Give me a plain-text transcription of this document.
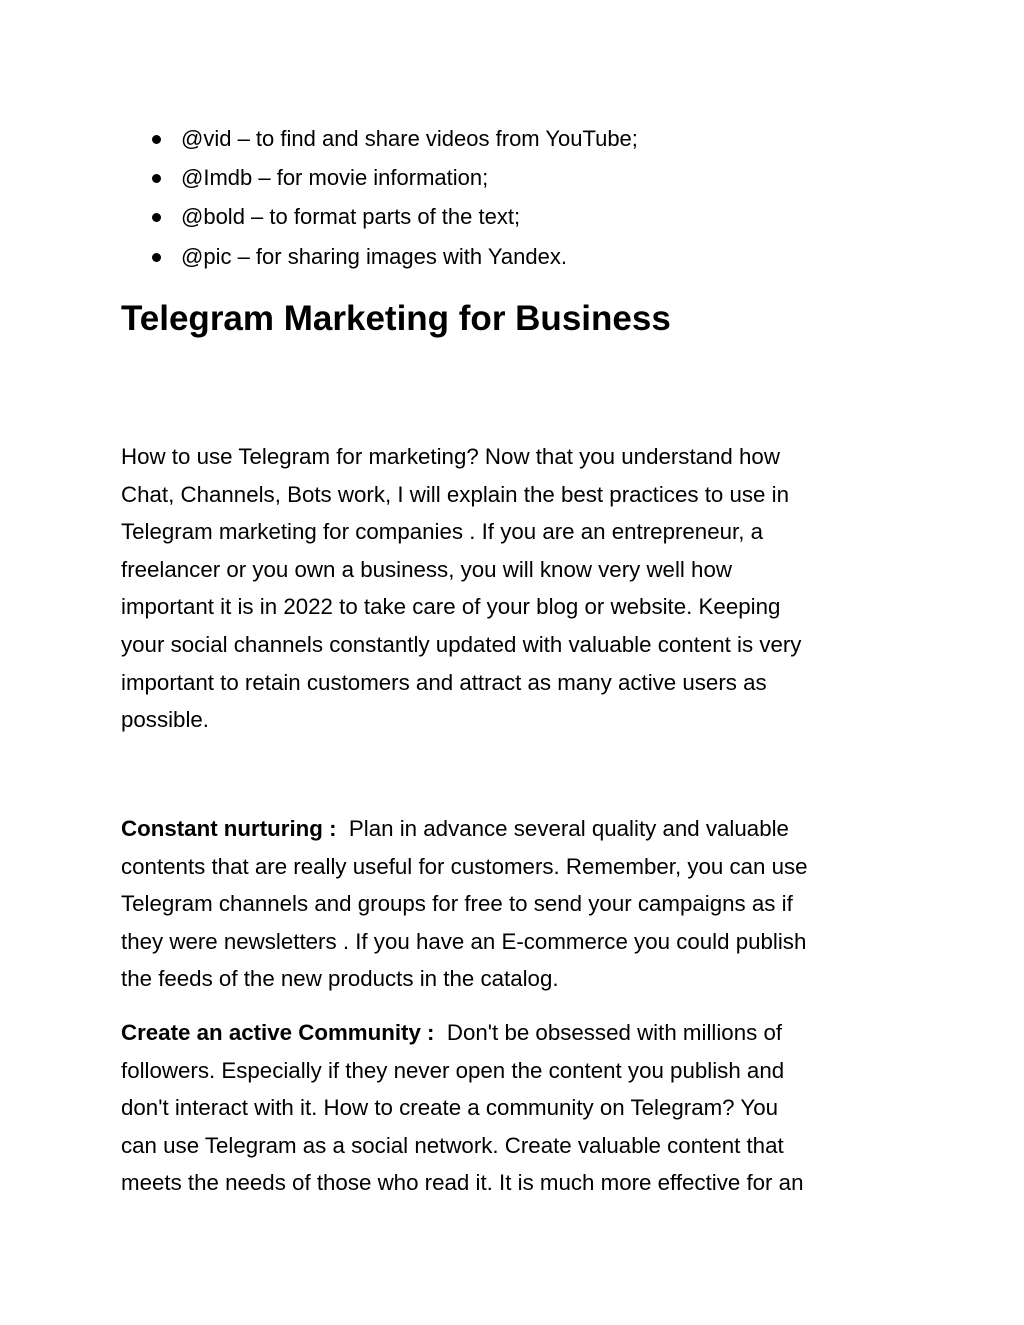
@vid – to find and share videos from YouTube;
@Imdb – for movie information;
@bold – to format parts of the text;
@pic – for sharing images with Yandex.
Telegram Marketing for Business

How to use Telegram for marketing? Now that you understand how
Chat, Channels, Bots work, I will explain the best practices to use in
Telegram marketing for companies . If you are an entrepreneur, a
freelancer or you own a business, you will know very well how
important it is in 2022 to take care of your blog or website. Keeping
your social channels constantly updated with valuable content is very
important to retain customers and attract as many active users as
possible.

Constant nurturing :  Plan in advance several quality and valuable
contents that are really useful for customers. Remember, you can use
Telegram channels and groups for free to send your campaigns as if
they were newsletters . If you have an E-commerce you could publish
the feeds of the new products in the catalog.

Create an active Community :  Don't be obsessed with millions of
followers. Especially if they never open the content you publish and
don't interact with it. How to create a community on Telegram? You
can use Telegram as a social network. Create valuable content that
meets the needs of those who read it. It is much more effective for an
